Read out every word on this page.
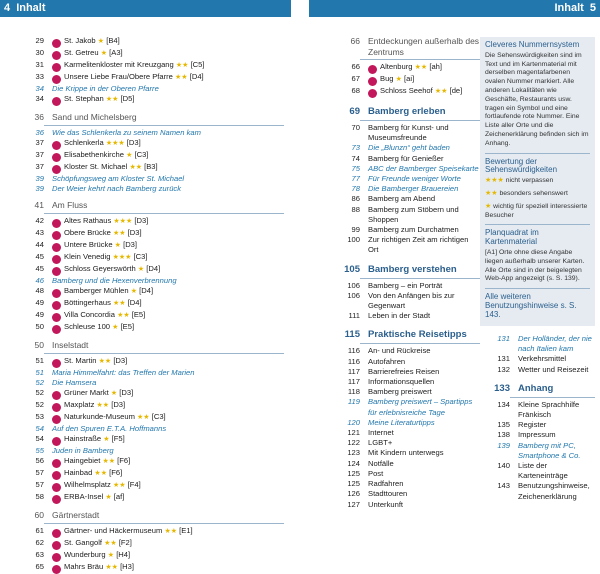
4 Inhalt	Inhalt 5
29	St. Jakob ★ [B4]
30	St. Getreu ★ [A3]
31	Karmelitenkloster mit Kreuzgang ★★ [C5]
33	Unsere Liebe Frau/Obere Pfarre ★★ [D4]
34	Die Krippe in der Oberen Pfarre
34	St. Stephan ★★ [D5]
36 Sand und Michelsberg
36	Wie das Schlenkerla zu seinem Namen kam
37	Schlenkerla ★★★ [D3]
37	Elisabethenkirche ★ [C3]
37	Kloster St. Michael ★★ [B3]
39	Schöpfungsweg am Kloster St. Michael
39	Der Weier kehrt nach Bamberg zurück
41 Am Fluss
42	Altes Rathaus ★★★ [D3]
43	Obere Brücke ★★ [D3]
44	Untere Brücke ★ [D3]
45	Klein Venedig ★★★ [C3]
45	Schloss Geyerswörth ★ [D4]
46	Bamberg und die Hexenverbrennung
48	Bamberger Mühlen ★ [D4]
49	Böttingerhaus ★★ [D4]
49	Villa Concordia ★★ [E5]
50	Schleuse 100 ★ [E5]
50 Inselstadt
51	St. Martin ★★ [D3]
51	Maria Himmelfahrt: das Treffen der Marien
52	Die Hamsera
52	Grüner Markt ★ [D3]
52	Maxplatz ★★ [D3]
53	Naturkunde-Museum ★★ [C3]
54	Auf den Spuren E.T.A. Hoffmanns
54	Hainstraße ★ [F5]
55	Juden in Bamberg
56	Haingebiet ★★ [F6]
57	Hainbad ★★ [F6]
57	Wilhelmsplatz ★★ [F4]
58	ERBA-Insel ★ [af]
60 Gärtnerstadt
61	Gärtner- und Häckermuseum ★★ [E1]
62	St. Gangolf ★★ [F2]
63	Wunderburg ★ [H4]
65	Mahrs Bräu ★★ [H3]
66 Entdeckungen außerhalb des Zentrums
66	Altenburg ★★ [ah]
67	Bug ★ [ai]
68	Schloss Seehof ★★ [de]
69 Bamberg erleben
70	Bamberg für Kunst- und Museumsfreunde
73	Die „Blunzn“ geht baden
74	Bamberg für Genießer
75	ABC der Bamberger Speisekarte
77	Für Freunde weniger Worte
78	Die Bamberger Brauereien
86	Bamberg am Abend
88	Bamberg zum Stöbern und Shoppen
99	Bamberg zum Durchatmen
100	Zur richtigen Zeit am richtigen Ort
105 Bamberg verstehen
106	Bamberg – ein Porträt
106	Von den Anfängen bis zur Gegenwart
111	Leben in der Stadt
115 Praktische Reisetipps
116	An- und Rückreise
116	Autofahren
117	Barrierefreies Reisen
117	Informationsquellen
118	Bamberg preiswert
119	Bamberg preiswert – Spartipps für erlebnisreiche Tage
120	Meine Literaturtipps
121	Internet
122	LGBT+
123	Mit Kindern unterwegs
124	Notfälle
125	Post
125	Radfahren
126	Stadttouren
127	Unterkunft
131	Der Holländer, der nie nach Italien kam
131	Verkehrsmittel
132	Wetter und Reisezeit
133 Anhang
134	Kleine Sprachhilfe Fränkisch
135	Register
138	Impressum
139	Bamberg mit PC, Smartphone & Co.
140	Liste der Karteneinträge
143	Benutzungshinweise, Zeichenerklärung
Cleveres Nummernsystem

Die Sehenswürdigkeiten sind im Text und im Kartenmaterial mit derselben magentafarbenen ovalen Nummer markiert. Alle anderen Lokalitäten wie Geschäfte, Restaurants usw. tragen ein Symbol und eine fortlaufende rote Nummer. Eine Liste aller Orte und die Zeichenerklärung befinden sich im Anhang.

Bewertung der Sehenswürdigkeiten

★★★ nicht verpassen

★★ besonders sehenswert

★ wichtig für speziell interessierte Besucher

Planquadrat im Kartenmaterial

[A1] Orte ohne diese Angabe liegen außerhalb unserer Karten. Alle Orte sind in der beigelegten Web-App angezeigt (s. S. 139).

Alle weiteren Benutzungshinweise s. S. 143.
